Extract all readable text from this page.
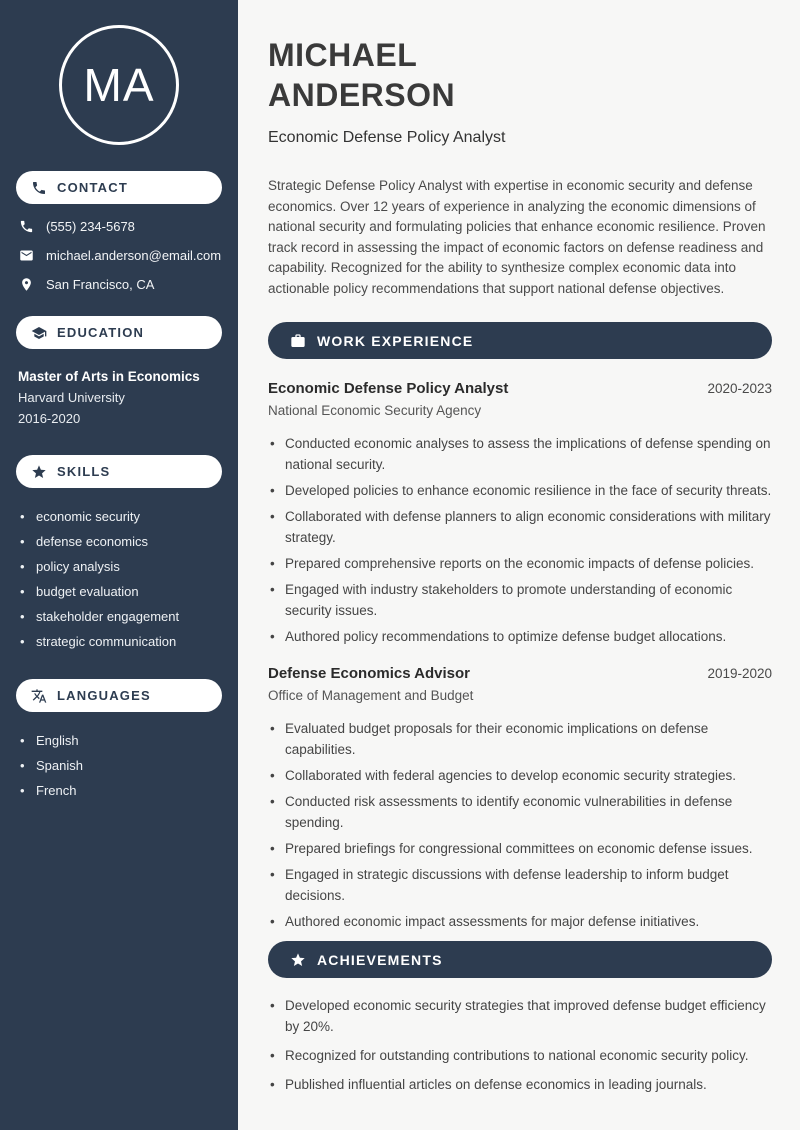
MA
CONTACT
(555) 234-5678
michael.anderson@email.com
San Francisco, CA
EDUCATION
Master of Arts in Economics
Harvard University
2016-2020
SKILLS
• economic security
• defense economics
• policy analysis
• budget evaluation
• stakeholder engagement
• strategic communication
LANGUAGES
• English
• Spanish
• French
MICHAEL
ANDERSON
Economic Defense Policy Analyst

Strategic Defense Policy Analyst with expertise in economic security and defense economics. Over 12 years of experience in analyzing the economic dimensions of national security and formulating policies that enhance economic resilience. Proven track record in assessing the impact of economic factors on defense readiness and capability. Recognized for the ability to synthesize complex economic data into actionable policy recommendations that support national defense objectives.

WORK EXPERIENCE
Economic Defense Policy Analyst	2020-2023
National Economic Security Agency
• Conducted economic analyses to assess the implications of defense spending on national security.
• Developed policies to enhance economic resilience in the face of security threats.
• Collaborated with defense planners to align economic considerations with military strategy.
• Prepared comprehensive reports on the economic impacts of defense policies.
• Engaged with industry stakeholders to promote understanding of economic security issues.
• Authored policy recommendations to optimize defense budget allocations.
Defense Economics Advisor	2019-2020
Office of Management and Budget
• Evaluated budget proposals for their economic implications on defense capabilities.
• Collaborated with federal agencies to develop economic security strategies.
• Conducted risk assessments to identify economic vulnerabilities in defense spending.
• Prepared briefings for congressional committees on economic defense issues.
• Engaged in strategic discussions with defense leadership to inform budget decisions.
• Authored economic impact assessments for major defense initiatives.
ACHIEVEMENTS
• Developed economic security strategies that improved defense budget efficiency by 20%.
• Recognized for outstanding contributions to national economic security policy.
• Published influential articles on defense economics in leading journals.
